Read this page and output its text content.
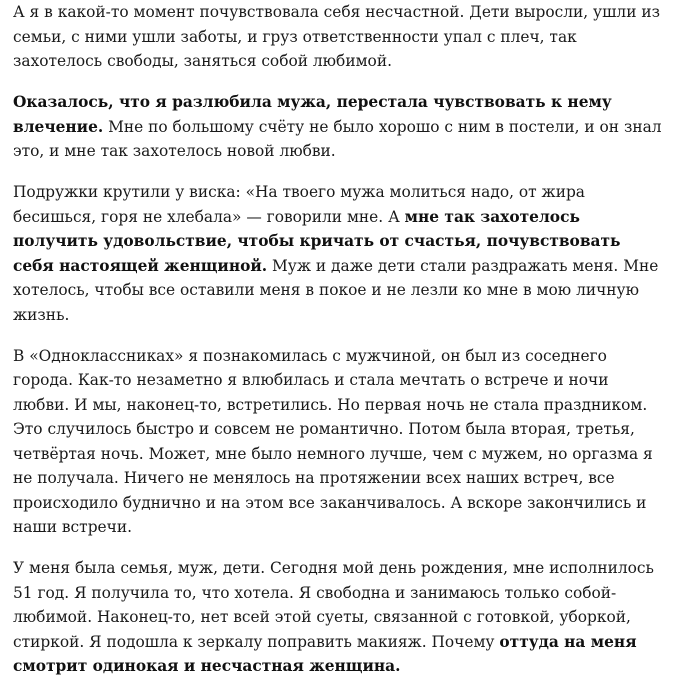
А я в какой-то момент почувствовала себя несчастной. Дети выросли, ушли из семьи, с ними ушли заботы, и груз ответственности упал с плеч, так захотелось свободы, заняться собой любимой.

Оказалось, что я разлюбила мужа, перестала чувствовать к нему влечение. Мне по большому счёту не было хорошо с ним в постели, и он знал это, и мне так захотелось новой любви.

Подружки крутили у виска: «На твоего мужа молиться надо, от жира бесишься, горя не хлебала» — говорили мне. А мне так захотелось получить удовольствие, чтобы кричать от счастья, почувствовать себя настоящей женщиной. Муж и даже дети стали раздражать меня. Мне хотелось, чтобы все оставили меня в покое и не лезли ко мне в мою личную жизнь.

В «Одноклассниках» я познакомилась с мужчиной, он был из соседнего города. Как-то незаметно я влюбилась и стала мечтать о встрече и ночи любви. И мы, наконец-то, встретились. Но первая ночь не стала праздником. Это случилось быстро и совсем не романтично. Потом была вторая, третья, четвёртая ночь. Может, мне было немного лучше, чем с мужем, но оргазма я не получала. Ничего не менялось на протяжении всех наших встреч, все происходило буднично и на этом все заканчивалось. А вскоре закончились и наши встречи.

У меня была семья, муж, дети. Сегодня мой день рождения, мне исполнилось 51 год. Я получила то, что хотела. Я свободна и занимаюсь только собой-любимой. Наконец-то, нет всей этой суеты, связанной с готовкой, уборкой, стиркой. Я подошла к зеркалу поправить макияж. Почему оттуда на меня смотрит одинокая и несчастная женщина.
